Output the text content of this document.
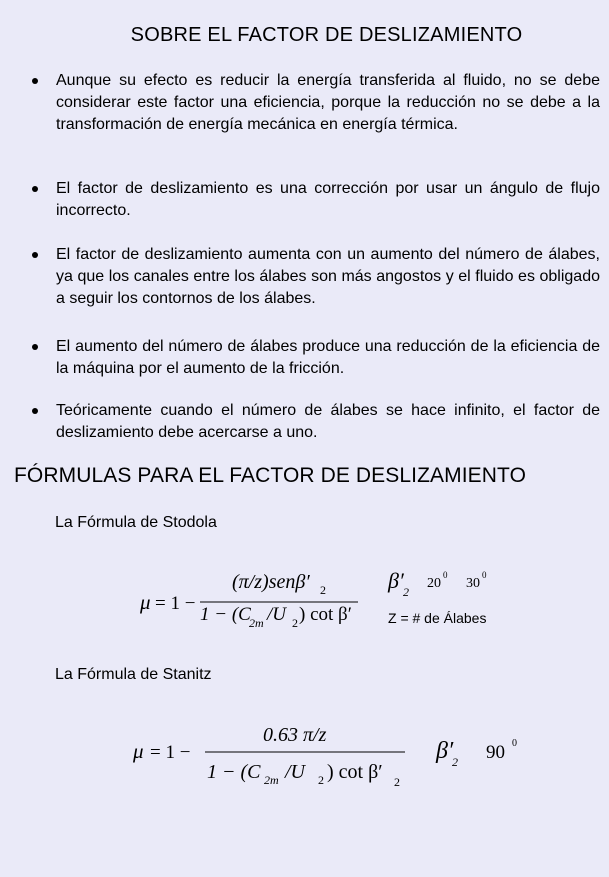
SOBRE EL FACTOR DE DESLIZAMIENTO
Aunque su efecto es reducir la energía transferida al fluido, no se debe considerar este factor una eficiencia, porque la reducción no se debe a la transformación de energía mecánica en energía térmica.
El factor de deslizamiento es una corrección por usar un ángulo de flujo incorrecto.
El factor de deslizamiento aumenta con un aumento del número de álabes, ya que los canales entre los álabes son más angostos y el fluido es obligado a seguir los contornos de los álabes.
El aumento del número de álabes produce una reducción de la eficiencia de la máquina por el aumento de la fricción.
Teóricamente cuando el número de álabes se hace infinito, el factor de deslizamiento debe acercarse a uno.
FÓRMULAS PARA EL FACTOR DE DESLIZAMIENTO
La Fórmula de Stodola
μ = 1 −
(π/z)senβ′ 2
1 − (C
2m /U 2 ) cot β′
β′ 2
20
0
30
0
Z = # de Álabes
μ = 1 −
0.63 π/z
1 − (C 2m /U 2 ) cot β′ 2
β′
2 90 0
La Fórmula de Stanitz
